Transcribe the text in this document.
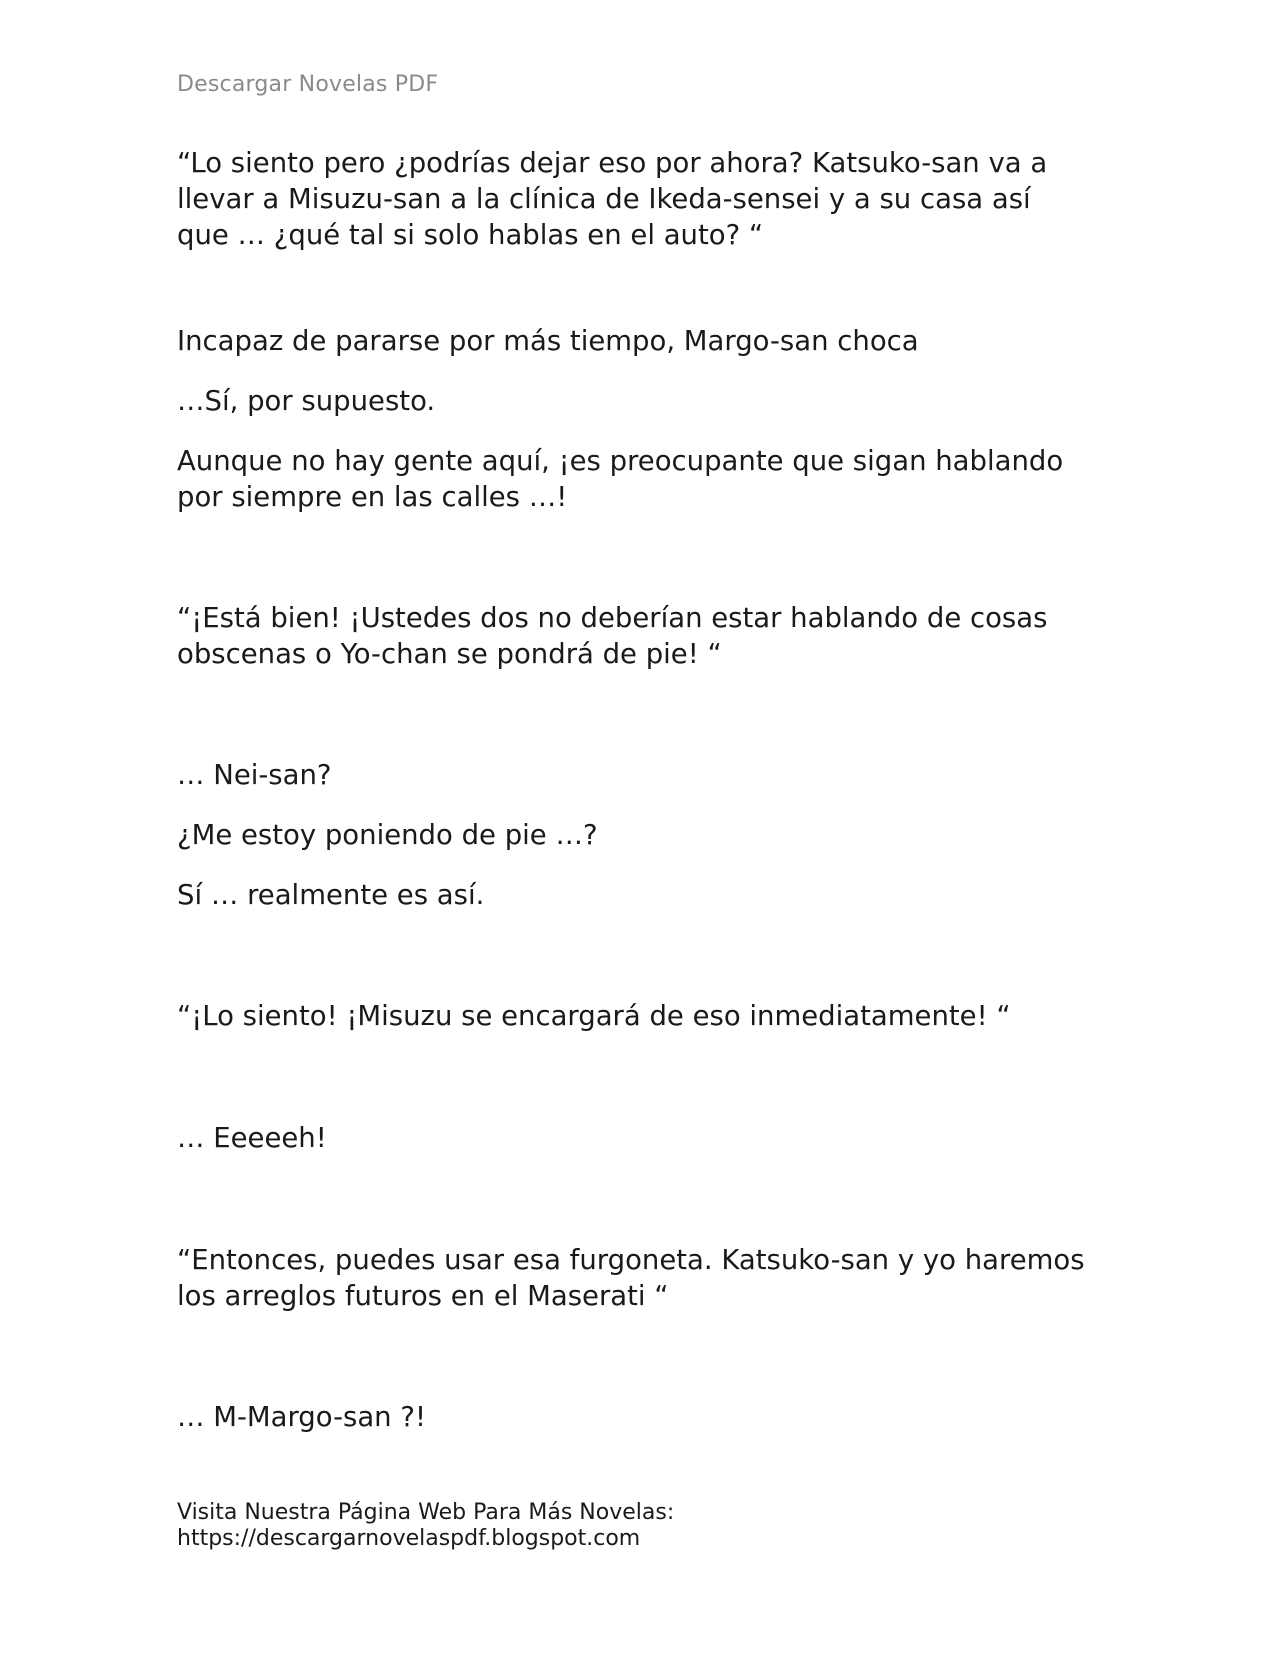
Descargar Novelas PDF

“Lo siento pero ¿podrías dejar eso por ahora? Katsuko-san va a llevar a Misuzu-san a la clínica de Ikeda-sensei y a su casa así que … ¿qué tal si solo hablas en el auto? “

Incapaz de pararse por más tiempo, Margo-san choca

…Sí, por supuesto.

Aunque no hay gente aquí, ¡es preocupante que sigan hablando por siempre en las calles …!

“¡Está bien! ¡Ustedes dos no deberían estar hablando de cosas obscenas o Yo-chan se pondrá de pie! “

… Nei-san?

¿Me estoy poniendo de pie …?

Sí … realmente es así.

“¡Lo siento! ¡Misuzu se encargará de eso inmediatamente! “

… Eeeeeh!

“Entonces, puedes usar esa furgoneta. Katsuko-san y yo haremos los arreglos futuros en el Maserati “

… M-Margo-san ?!

Visita Nuestra Página Web Para Más Novelas:
https://descargarnovelaspdf.blogspot.com
